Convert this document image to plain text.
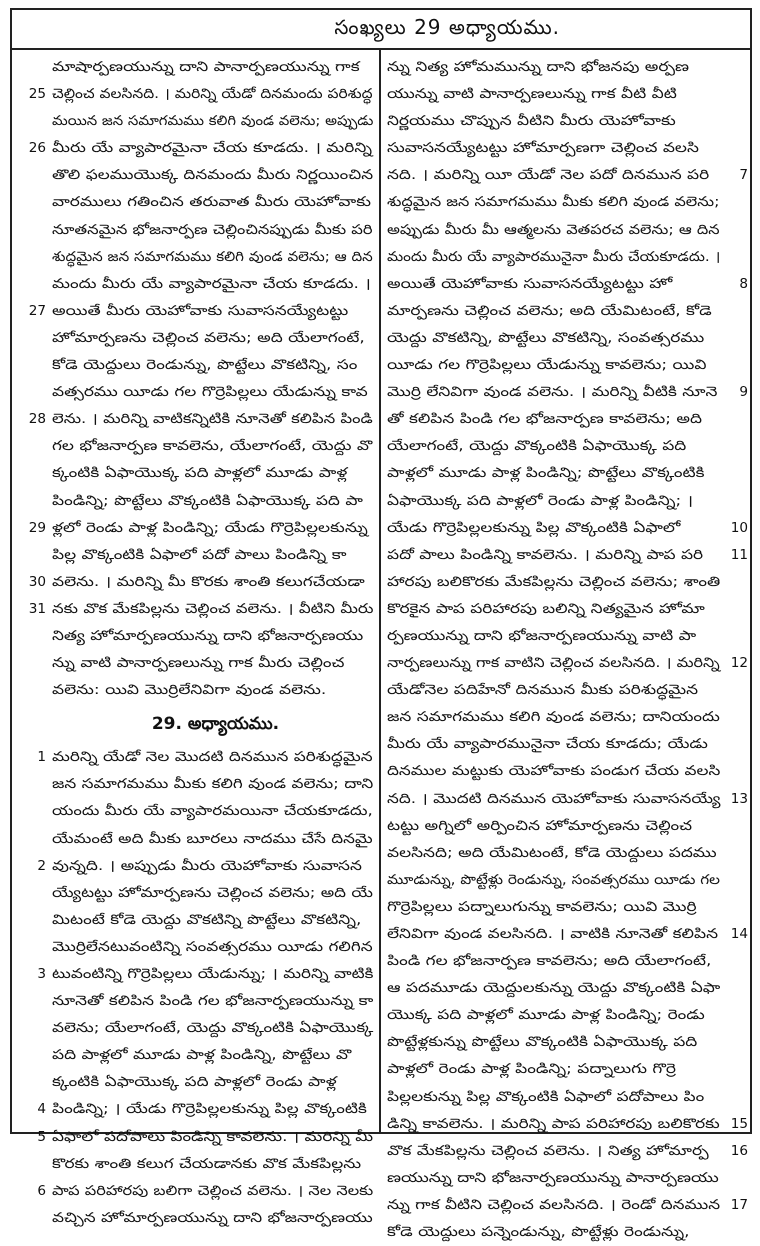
సంఖ్యలు 29 అధ్యాయము.
మాషార్పణయున్ను దాని పానార్పణయున్ను గాక
25 చెల్లించ వలసినది. । మరిన్ని యేడో దినమందు పరిశుద్ధ
మయిన జన సమాగమము కలిగి వుండ వలెను; అప్పుడు
26 మీరు యే వ్యాపారమైనా చేయ కూడదు. । మరిన్ని
తొలి ఫలముయొక్క దినమందు మీరు నిర్ణయించిన
వారములు గతించిన తరువాత మీరు యెహోవాకు
నూతనమైన భోజనార్పణ చెల్లించినప్పుడు మీకు పరి
శుద్ధమైన జన సమాగమము కలిగి వుండ వలెను; ఆ దిన
మందు మీరు యే వ్యాపారమైనా చేయ కూడదు. ।
27 అయితే మీరు యెహోవాకు సువాసనయ్యేటట్టు
హోమార్పణను చెల్లించ వలెను; అది యేలాగంటే,
కోడె యెద్దులు రెండున్ను, పొట్టేలు వొకటిన్ని, సం
వత్సరము యీడు గల గొర్రెపిల్లలు యేడున్ను కావ
28 లెను. । మరిన్ని వాటికన్నిటికి నూనెతో కలిపిన పిండి
గల భోజనార్పణ కావలెను, యేలాగంటే, యెద్దు వొ
క్కంటికి ఏఫాయొక్క పది పాళ్లలో మూడు పాళ్ల
పిండిన్ని; పొట్టేలు వొక్కంటికి ఏఫాయొక్క పది పా
29 ళ్లలో రెండు పాళ్ల పిండిన్ని; యేడు గొర్రెపిల్లలకున్ను
పిల్ల వొక్కంటికి ఏఫాలో పదో పాలు పిండిన్ని కా
30 వలెను. । మరిన్ని మీ కొరకు శాంతి కలుగచేయడా
31 నకు వొక మేకపిల్లను చెల్లించ వలెను. । వీటిని మీరు
నిత్య హోమార్పణయున్ను దాని భోజనార్పణయు
న్ను వాటి పానార్పణలున్ను గాక మీరు చెల్లించ
వలెను: యివి మొర్రిలేనివిగా వుండ వలెను.
29. అధ్యాయము.
1 మరిన్ని యేడో నెల మొదటి దినమున పరిశుద్ధమైన
జన సమాగమము మీకు కలిగి వుండ వలెను; దాని
యందు మీరు యే వ్యాపారమయినా చేయకూడదు,
యేమంటే అది మీకు బూరలు నాదము చేసే దినమై
2 వున్నది. । అప్పుడు మీరు యెహోవాకు సువాసన
య్యేటట్టు హోమార్పణను చెల్లించ వలెను; అది యే
మిటంటే కోడె యెద్దు వొకటిన్ని పొట్టేలు వొకటిన్ని,
మొర్రిలేనటువంటిన్ని సంవత్సరము యీడు గలిగిన
3 టువంటిన్ని గొర్రెపిల్లలు యేడున్ను; । మరిన్ని వాటికి
నూనెతో కలిపిన పిండి గల భోజనార్పణయున్ను కా
వలెను; యేలాగంటే, యెద్దు వొక్కంటికి ఏఫాయొక్క
పది పాళ్లలో మూడు పాళ్ల పిండిన్ని, పొట్టేలు వొ
క్కంటికి ఏఫాయొక్క పది పాళ్లలో రెండు పాళ్ల
4 పిండిన్ని; । యేడు గొర్రెపిల్లలకున్ను పిల్ల వొక్కంటికి
5 ఏఫాలో పదోపాలు పిండిన్ని కావలెను. । మరిన్ని మీ
కొరకు శాంతి కలుగ చేయడానకు వొక మేకపిల్లను
6 పాప పరిహారపు బలిగా చెల్లించ వలెను. । నెల నెలకు
వచ్చిన హోమార్పణయున్ను దాని భోజనార్పణయు
న్ను నిత్య హోమమున్ను దాని భోజనపు అర్పణ
యున్ను వాటి పానార్పణలున్ను గాక వీటి వీటి
నిర్ణయము చొప్పున వీటిని మీరు యెహోవాకు
సువాసనయ్యేటట్టు హోమార్పణగా చెల్లించ వలసి
7
నది. । మరిన్ని యీ యేడో నెల పదో దినమున పరి
శుద్ధమైన జన సమాగమము మీకు కలిగి వుండ వలెను;
అప్పుడు మీరు మీ ఆత్మలను వెతపరచ వలెను; ఆ దిన
మందు మీరు యే వ్యాపారమునైనా మీరు చేయకూడదు. ।
8
అయితే యెహోవాకు సువాసనయ్యేటట్టు హో
మార్పణను చెల్లించ వలెను; అది యేమిటంటే, కోడె
యెద్దు వొకటిన్ని, పొట్టేలు వొకటిన్ని, సంవత్సరము
యీడు గల గొర్రెపిల్లలు యేడున్ను కావలెను; యివి
9
మొర్రి లేనివిగా వుండ వలెను. । మరిన్ని వీటికి నూనె
తో కలిపిన పిండి గల భోజనార్పణ కావలెను; అది
యేలాగంటే, యెద్దు వొక్కంటికి ఏఫాయొక్క పది
పాళ్లలో మూడు పాళ్ల పిండిన్ని; పొట్టేలు వొక్కంటికి
ఏఫాయొక్క పది పాళ్లలో రెండు పాళ్ల పిండిన్ని; ।
10
యేడు గొర్రెపిల్లలకున్ను పిల్ల వొక్కంటికి ఏఫాలో
11
పదో పాలు పిండిన్ని కావలెను. । మరిన్ని పాప పరి
హారపు బలికొరకు మేకపిల్లను చెల్లించ వలెను; శాంతి
కొరకైన పాప పరిహారపు బలిన్ని నిత్యమైన హోమా
ర్పణయున్ను దాని భోజనార్పణయున్ను వాటి పా
12
నార్పణలున్ను గాక వాటిని చెల్లించ వలసినది. । మరిన్ని
యేడోనెల పదిహేనో దినమున మీకు పరిశుద్ధమైన
జన సమాగమము కలిగి వుండ వలెను; దానియందు
మీరు యే వ్యాపారమునైనా చేయ కూడదు; యేడు
దినముల మట్టుకు యెహోవాకు పండుగ చేయ వలసి
13
నది. । మొదటి దినమున యెహోవాకు సువాసనయ్యే
టట్టు అగ్నిలో అర్పించిన హోమార్పణను చెల్లించ
వలసినది; అది యేమిటంటే, కోడె యెద్దులు పదము
మూడున్ను, పొట్టేళ్లు రెండున్ను, సంవత్సరము యీడు గల
గొర్రెపిల్లలు పద్నాలుగున్ను కావలెను; యివి మొర్రి
14
లేనివిగా వుండ వలసినది. । వాటికి నూనెతో కలిపిన
పిండి గల భోజనార్పణ కావలెను; అది యేలాగంటే,
ఆ పదమూడు యెద్దులకున్ను యెద్దు వొక్కంటికి ఏఫా
యొక్క పది పాళ్లలో మూడు పాళ్ల పిండిన్ని; రెండు
పొట్టేళ్లకున్ను పొట్టేలు వొక్కంటికి ఏఫాయొక్క పది
పాళ్లలో రెండు పాళ్ల పిండిన్ని; పద్నాలుగు గొర్రె
పిల్లలకున్ను పిల్ల వొక్కంటికి ఏఫాలో పదోపాలు పిం
15
డిన్ని కావలెను. । మరిన్ని పాప పరిహారపు బలికొరకు
16
వొక మేకపిల్లను చెల్లించ వలెను. । నిత్య హోమార్ప
ణయున్ను దాని భోజనార్పణయున్ను పానార్పణయు
17
న్ను గాక వీటిని చెల్లించ వలసినది. । రెండో దినమున
కోడె యెద్దులు పన్నెండున్ను, పొట్టేళ్లు రెండున్ను,
